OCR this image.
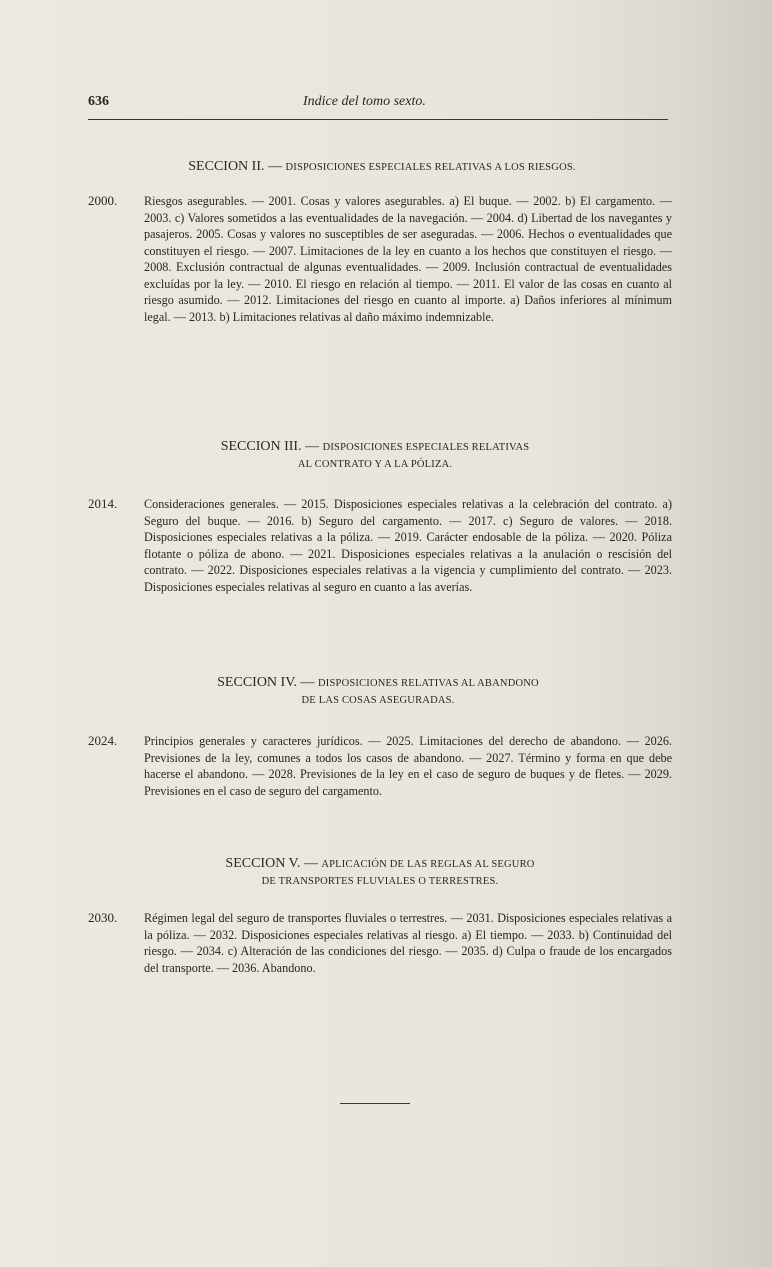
636	Indice del tomo sexto.
SECCION II. — DISPOSICIONES ESPECIALES RELATIVAS A LOS RIESGOS.
2000. Riesgos asegurables. — 2001. Cosas y valores asegurables. a) El buque. — 2002. b) El cargamento. — 2003. c) Valores sometidos a las eventualidades de la navegación. — 2004. d) Libertad de los navegantes y pasajeros. 2005. Cosas y valores no susceptibles de ser aseguradas. — 2006. Hechos o eventualidades que constituyen el riesgo. — 2007. Limitaciones de la ley en cuanto a los hechos que constituyen el riesgo. — 2008. Exclusión contractual de algunas eventualidades. — 2009. Inclusión contractual de eventualidades excluídas por la ley. — 2010. El riesgo en relación al tiempo. — 2011. El valor de las cosas en cuanto al riesgo asumido. — 2012. Limitaciones del riesgo en cuanto al importe. a) Daños inferiores al mínimum legal. — 2013. b) Limitaciones relativas al daño máximo indemnizable.
SECCION III. — DISPOSICIONES ESPECIALES RELATIVAS
AL CONTRATO Y A LA PÓLIZA.
2014. Consideraciones generales. — 2015. Disposiciones especiales relativas a la celebración del contrato. a) Seguro del buque. — 2016. b) Seguro del cargamento. — 2017. c) Seguro de valores. — 2018. Disposiciones especiales relativas a la póliza. — 2019. Carácter endosable de la póliza. — 2020. Póliza flotante o póliza de abono. — 2021. Disposiciones especiales relativas a la anulación o rescisión del contrato. — 2022. Disposiciones especiales relativas a la vigencia y cumplimiento del contrato. — 2023. Disposiciones especiales relativas al seguro en cuanto a las averías.
SECCION IV. — DISPOSICIONES RELATIVAS AL ABANDONO
DE LAS COSAS ASEGURADAS.
2024. Principios generales y caracteres jurídicos. — 2025. Limitaciones del derecho de abandono. — 2026. Previsiones de la ley, comunes a todos los casos de abandono. — 2027. Término y forma en que debe hacerse el abandono. — 2028. Previsiones de la ley en el caso de seguro de buques y de fletes. — 2029. Previsiones en el caso de seguro del cargamento.
SECCION V. — APLICACIÓN DE LAS REGLAS AL SEGURO
DE TRANSPORTES FLUVIALES O TERRESTRES.
2030. Régimen legal del seguro de transportes fluviales o terrestres. — 2031. Disposiciones especiales relativas a la póliza. — 2032. Disposiciones especiales relativas al riesgo. a) El tiempo. — 2033. b) Continuidad del riesgo. — 2034. c) Alteración de las condiciones del riesgo. — 2035. d) Culpa o fraude de los encargados del transporte. — 2036. Abandono.
